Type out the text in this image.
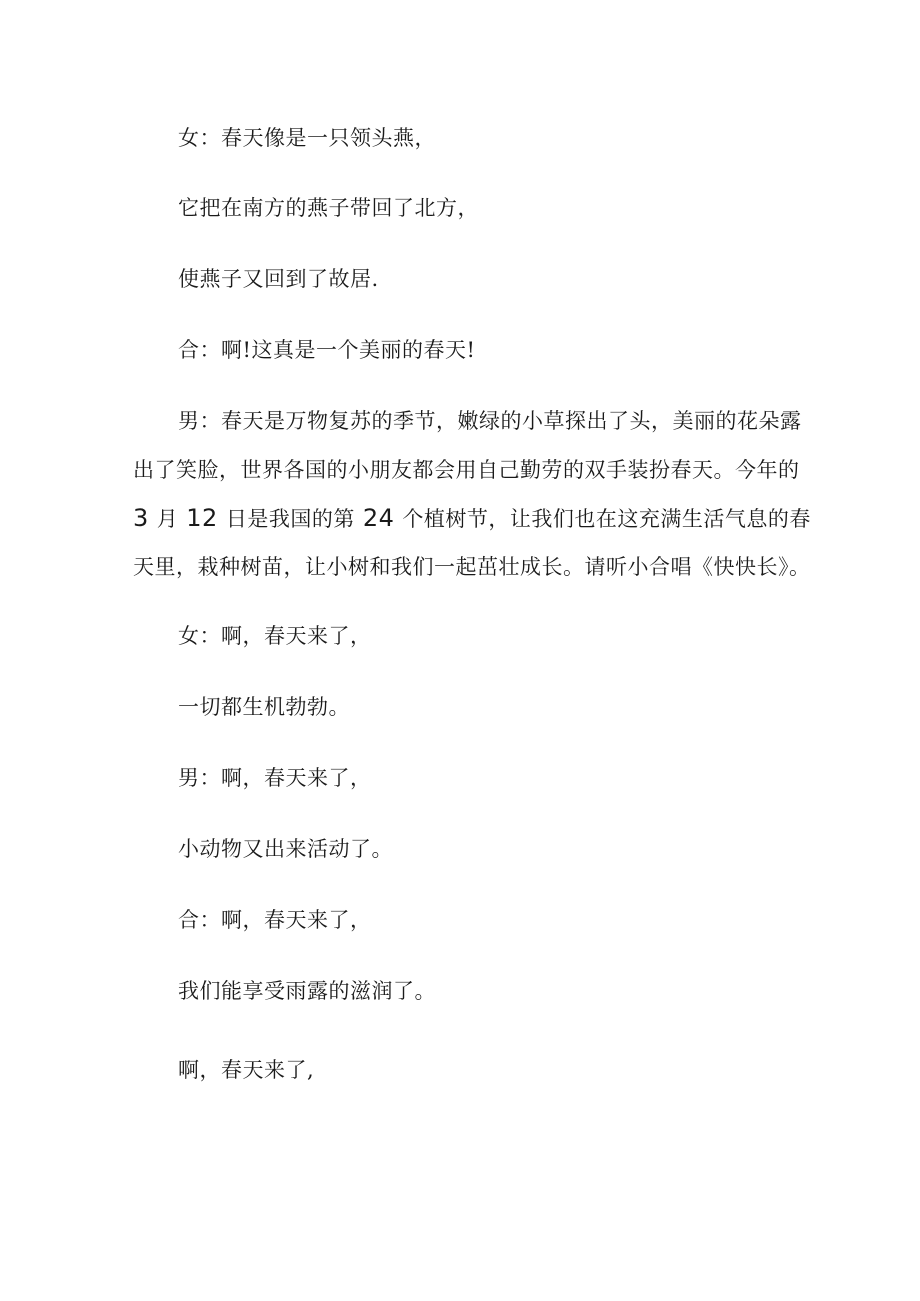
女：春天像是一只领头燕，
它把在南方的燕子带回了北方，
使燕子又回到了故居.
合：啊!这真是一个美丽的春天!
男：春天是万物复苏的季节，嫩绿的小草探出了头，美丽的花朵露
出了笑脸，世界各国的小朋友都会用自己勤劳的双手装扮春天。今年的
3 月 12 日是我国的第 24 个植树节，让我们也在这充满生活气息的春
天里，栽种树苗，让小树和我们一起茁壮成长。请听小合唱《快快长》。
女：啊，春天来了，
一切都生机勃勃。
男：啊，春天来了，
小动物又出来活动了。
合：啊，春天来了，
我们能享受雨露的滋润了。
啊，春天来了,
